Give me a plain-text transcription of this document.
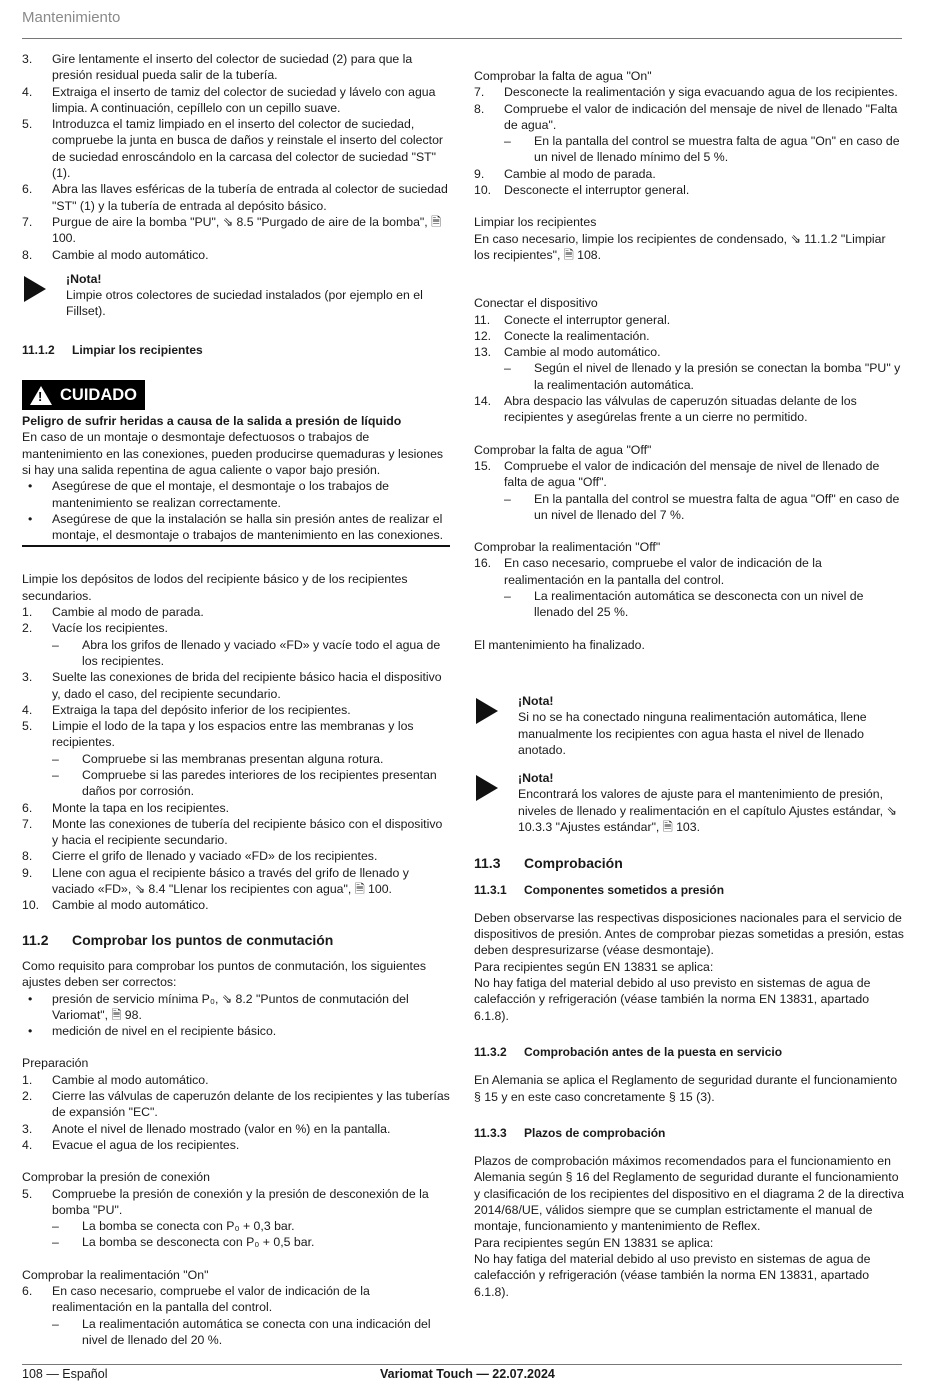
Mantenimiento
3.	Gire lentamente el inserto del colector de suciedad (2) para que la presión residual pueda salir de la tubería.
4.	Extraiga el inserto de tamiz del colector de suciedad y lávelo con agua limpia. A continuación, cepíllelo con un cepillo suave.
5.	Introduzca el tamiz limpiado en el inserto del colector de suciedad, compruebe la junta en busca de daños y reinstale el inserto del colector de suciedad enroscándolo en la carcasa del colector de suciedad "ST" (1).
6.	Abra las llaves esféricas de la tubería de entrada al colector de suciedad "ST" (1) y la tubería de entrada al depósito básico.
7.	Purgue de aire la bomba "PU", ⇘ 8.5 "Purgado de aire de la bomba", 🗎 100.
8.	Cambie al modo automático.
¡Nota!
Limpie otros colectores de suciedad instalados (por ejemplo en el Fillset).
11.1.2 Limpiar los recipientes
!
CUIDADO
Peligro de sufrir heridas a causa de la salida a presión de líquido
En caso de un montaje o desmontaje defectuosos o trabajos de mantenimiento en las conexiones, pueden producirse quemaduras y lesiones si hay una salida repentina de agua caliente o vapor bajo presión.
•	Asegúrese de que el montaje, el desmontaje o los trabajos de mantenimiento se realizan correctamente.
•	Asegúrese de que la instalación se halla sin presión antes de realizar el montaje, el desmontaje o trabajos de mantenimiento en las conexiones.
Limpie los depósitos de lodos del recipiente básico y de los recipientes secundarios.
1.	Cambie al modo de parada.
2.	Vacíe los recipientes.
–	Abra los grifos de llenado y vaciado «FD» y vacíe todo el agua de los recipientes.
3.	Suelte las conexiones de brida del recipiente básico hacia el dispositivo y, dado el caso, del recipiente secundario.
4.	Extraiga la tapa del depósito inferior de los recipientes.
5.	Limpie el lodo de la tapa y los espacios entre las membranas y los recipientes.
–	Compruebe si las membranas presentan alguna rotura.
–	Compruebe si las paredes interiores de los recipientes presentan daños por corrosión.
6.	Monte la tapa en los recipientes.
7.	Monte las conexiones de tubería del recipiente básico con el dispositivo y hacia el recipiente secundario.
8.	Cierre el grifo de llenado y vaciado «FD» de los recipientes.
9.	Llene con agua el recipiente básico a través del grifo de llenado y vaciado «FD», ⇘ 8.4 "Llenar los recipientes con agua", 🗎 100.
10.	Cambie al modo automático.
11.2 Comprobar los puntos de conmutación
Como requisito para comprobar los puntos de conmutación, los siguientes ajustes deben ser correctos:
•	presión de servicio mínima P₀, ⇘ 8.2 "Puntos de conmutación del Variomat", 🗎 98.
•	medición de nivel en el recipiente básico.
Preparación
1.	Cambie al modo automático.
2.	Cierre las válvulas de caperuzón delante de los recipientes y las tuberías de expansión "EC".
3.	Anote el nivel de llenado mostrado (valor en %) en la pantalla.
4.	Evacue el agua de los recipientes.
Comprobar la presión de conexión
5.	Compruebe la presión de conexión y la presión de desconexión de la bomba "PU".
–	La bomba se conecta con P₀ + 0,3 bar.
–	La bomba se desconecta con P₀ + 0,5 bar.
Comprobar la realimentación "On"
6.	En caso necesario, compruebe el valor de indicación de la realimentación en la pantalla del control.
–	La realimentación automática se conecta con una indicación del nivel de llenado del 20 %.
Comprobar la falta de agua "On"
7.	Desconecte la realimentación y siga evacuando agua de los recipientes.
8.	Compruebe el valor de indicación del mensaje de nivel de llenado "Falta de agua".
–	En la pantalla del control se muestra falta de agua "On" en caso de un nivel de llenado mínimo del 5 %.
9.	Cambie al modo de parada.
10.	Desconecte el interruptor general.
Limpiar los recipientes
En caso necesario, limpie los recipientes de condensado, ⇘ 11.1.2 "Limpiar los recipientes", 🗎 108.
Conectar el dispositivo
11.	Conecte el interruptor general.
12.	Conecte la realimentación.
13.	Cambie al modo automático.
–	Según el nivel de llenado y la presión se conectan la bomba "PU" y la realimentación automática.
14.	Abra despacio las válvulas de caperuzón situadas delante de los recipientes y asegúrelas frente a un cierre no permitido.
Comprobar la falta de agua "Off"
15.	Compruebe el valor de indicación del mensaje de nivel de llenado de falta de agua "Off".
–	En la pantalla del control se muestra falta de agua "Off" en caso de un nivel de llenado del 7 %.
Comprobar la realimentación "Off"
16.	En caso necesario, compruebe el valor de indicación de la realimentación en la pantalla del control.
–	La realimentación automática se desconecta con un nivel de llenado del 25 %.
El mantenimiento ha finalizado.
¡Nota!
Si no se ha conectado ninguna realimentación automática, llene manualmente los recipientes con agua hasta el nivel de llenado anotado.
¡Nota!
Encontrará los valores de ajuste para el mantenimiento de presión, niveles de llenado y realimentación en el capítulo Ajustes estándar, ⇘ 10.3.3 "Ajustes estándar", 🗎 103.
11.3 Comprobación
11.3.1 Componentes sometidos a presión
Deben observarse las respectivas disposiciones nacionales para el servicio de dispositivos de presión. Antes de comprobar piezas sometidas a presión, estas deben despresurizarse (véase desmontaje).
Para recipientes según EN 13831 se aplica:
No hay fatiga del material debido al uso previsto en sistemas de agua de calefacción y refrigeración (véase también la norma EN 13831, apartado 6.1.8).
11.3.2 Comprobación antes de la puesta en servicio
En Alemania se aplica el Reglamento de seguridad durante el funcionamiento § 15 y en este caso concretamente § 15 (3).
11.3.3 Plazos de comprobación
Plazos de comprobación máximos recomendados para el funcionamiento en Alemania según § 16 del Reglamento de seguridad durante el funcionamiento y clasificación de los recipientes del dispositivo en el diagrama 2 de la directiva 2014/68/UE, válidos siempre que se cumplan estrictamente el manual de montaje, funcionamiento y mantenimiento de Reflex.
Para recipientes según EN 13831 se aplica:
No hay fatiga del material debido al uso previsto en sistemas de agua de calefacción y refrigeración (véase también la norma EN 13831, apartado 6.1.8).
108 — Español	Variomat Touch — 22.07.2024
